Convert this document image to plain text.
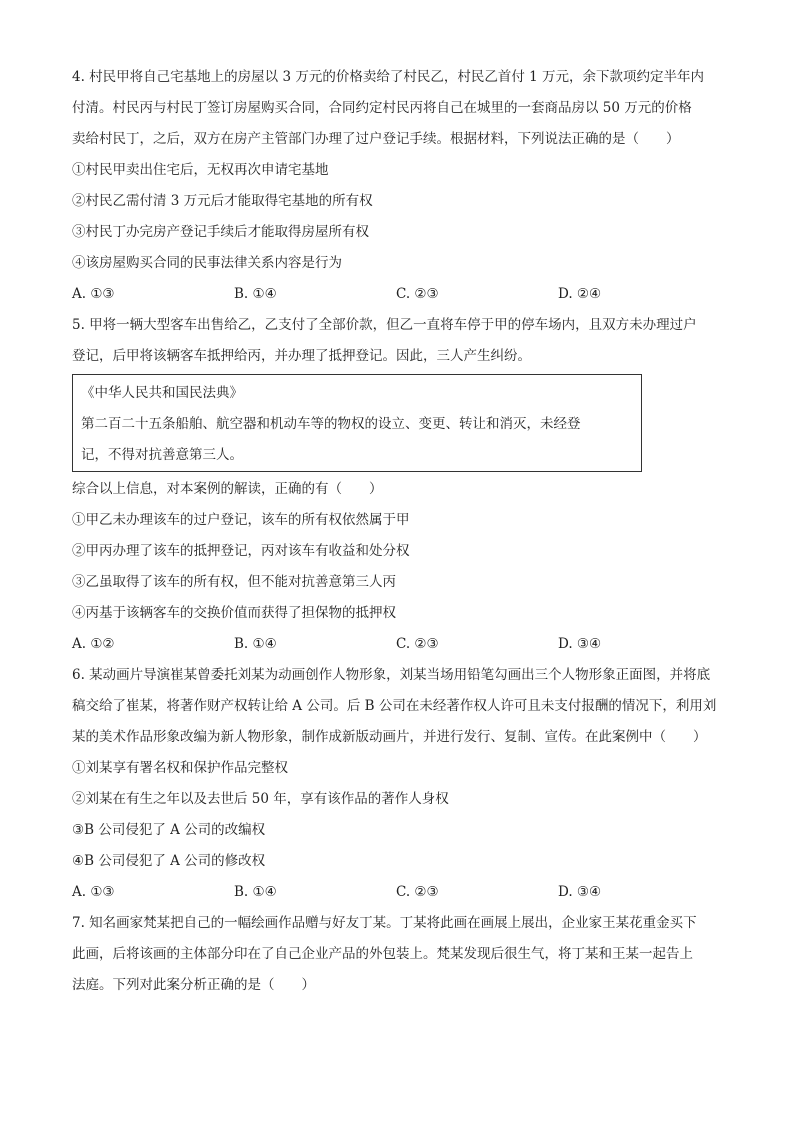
4. 村民甲将自己宅基地上的房屋以 3 万元的价格卖给了村民乙，村民乙首付 1 万元，余下款项约定半年内
付清。村民丙与村民丁签订房屋购买合同，合同约定村民丙将自己在城里的一套商品房以 50 万元的价格
卖给村民丁，之后，双方在房产主管部门办理了过户登记手续。根据材料，下列说法正确的是（　　）
①村民甲卖出住宅后，无权再次申请宅基地
②村民乙需付清 3 万元后才能取得宅基地的所有权
③村民丁办完房产登记手续后才能取得房屋所有权
④该房屋购买合同的民事法律关系内容是行为
A. ①③	B. ①④	C. ②③	D. ②④
5. 甲将一辆大型客车出售给乙，乙支付了全部价款，但乙一直将车停于甲的停车场内，且双方未办理过户
登记，后甲将该辆客车抵押给丙，并办理了抵押登记。因此，三人产生纠纷。
《中华人民共和国民法典》
第二百二十五条船舶、航空器和机动车等的物权的设立、变更、转让和消灭，未经登
记，不得对抗善意第三人。
综合以上信息，对本案例的解读，正确的有（　　）
①甲乙未办理该车的过户登记，该车的所有权依然属于甲
②甲丙办理了该车的抵押登记，丙对该车有收益和处分权
③乙虽取得了该车的所有权，但不能对抗善意第三人丙
④丙基于该辆客车的交换价值而获得了担保物的抵押权
A. ①②	B. ①④	C. ②③	D. ③④
6. 某动画片导演崔某曾委托刘某为动画创作人物形象，刘某当场用铅笔勾画出三个人物形象正面图，并将底
稿交给了崔某，将著作财产权转让给 A 公司。后 B 公司在未经著作权人许可且未支付报酬的情况下，利用刘
某的美术作品形象改编为新人物形象，制作成新版动画片，并进行发行、复制、宣传。在此案例中（　　）
①刘某享有署名权和保护作品完整权
②刘某在有生之年以及去世后 50 年，享有该作品的著作人身权
③B 公司侵犯了 A 公司的改编权
④B 公司侵犯了 A 公司的修改权
A. ①③	B. ①④	C. ②③	D. ③④
7. 知名画家梵某把自己的一幅绘画作品赠与好友丁某。丁某将此画在画展上展出，企业家王某花重金买下
此画，后将该画的主体部分印在了自己企业产品的外包装上。梵某发现后很生气，将丁某和王某一起告上
法庭。下列对此案分析正确的是（　　）
